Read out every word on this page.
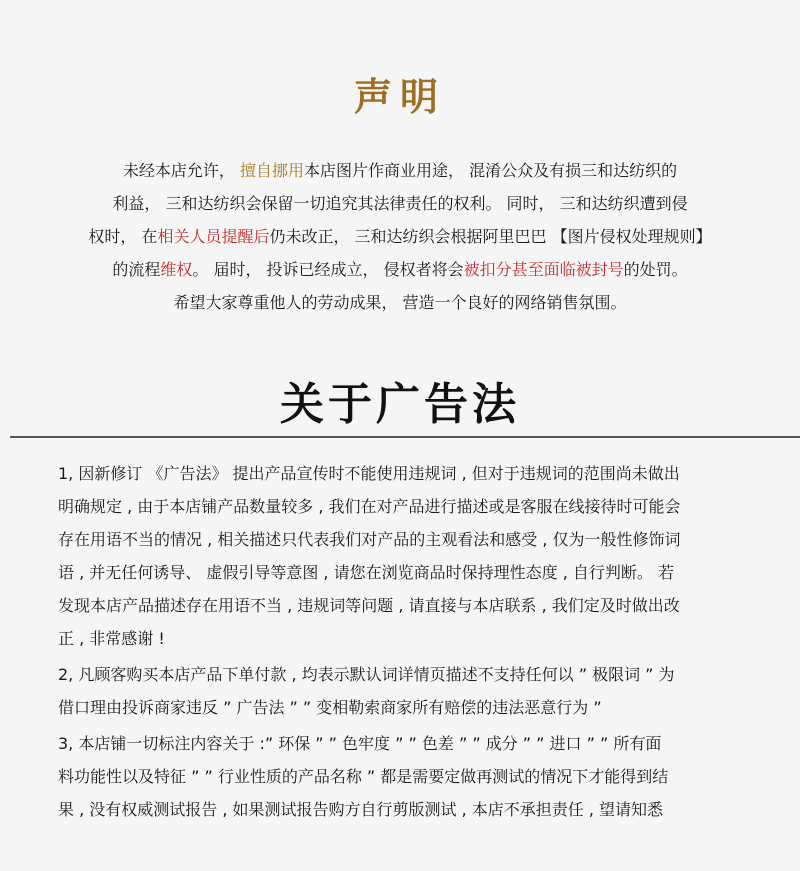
声明
未经本店允许， 擅自挪用本店图片作商业用途， 混淆公众及有损三和达纺织的
利益， 三和达纺织会保留一切追究其法律责任的权利。 同时， 三和达纺织遭到侵
权时， 在相关人员提醒后仍未改正， 三和达纺织会根据阿里巴巴 【图片侵权处理规则】
的流程维权。 届时， 投诉已经成立， 侵权者将会被扣分甚至面临被封号的处罚。
希望大家尊重他人的劳动成果， 营造一个良好的网络销售氛围。
关于广告法
1, 因新修订 《广告法》 提出产品宣传时不能使用违规词 , 但对于违规词的范围尚未做出
明确规定 , 由于本店铺产品数量较多 , 我们在对产品进行描述或是客服在线接待时可能会
存在用语不当的情况 , 相关描述只代表我们对产品的主观看法和感受 , 仅为一般性修饰词
语 , 并无任何诱导、 虚假引导等意图 , 请您在浏览商品时保持理性态度 , 自行判断。 若
发现本店产品描述存在用语不当 , 违规词等问题 , 请直接与本店联系 , 我们定及时做出改
正 , 非常感谢 !
2, 凡顾客购买本店产品下单付款 , 均表示默认词详情页描述不支持任何以 ” 极限词 ” 为
借口理由投诉商家违反 ” 广告法 ” ” 变相勒索商家所有赔偿的违法恶意行为 ”
3, 本店铺一切标注内容关于 :” 环保 ” ” 色牢度 ” ” 色差 ” ” 成分 ” ” 进口 ” ” 所有面
料功能性以及特征 ” ” 行业性质的产品名称 ” 都是需要定做再测试的情况下才能得到结
果 , 没有权威测试报告 , 如果测试报告购方自行剪版测试 , 本店不承担责任 , 望请知悉
